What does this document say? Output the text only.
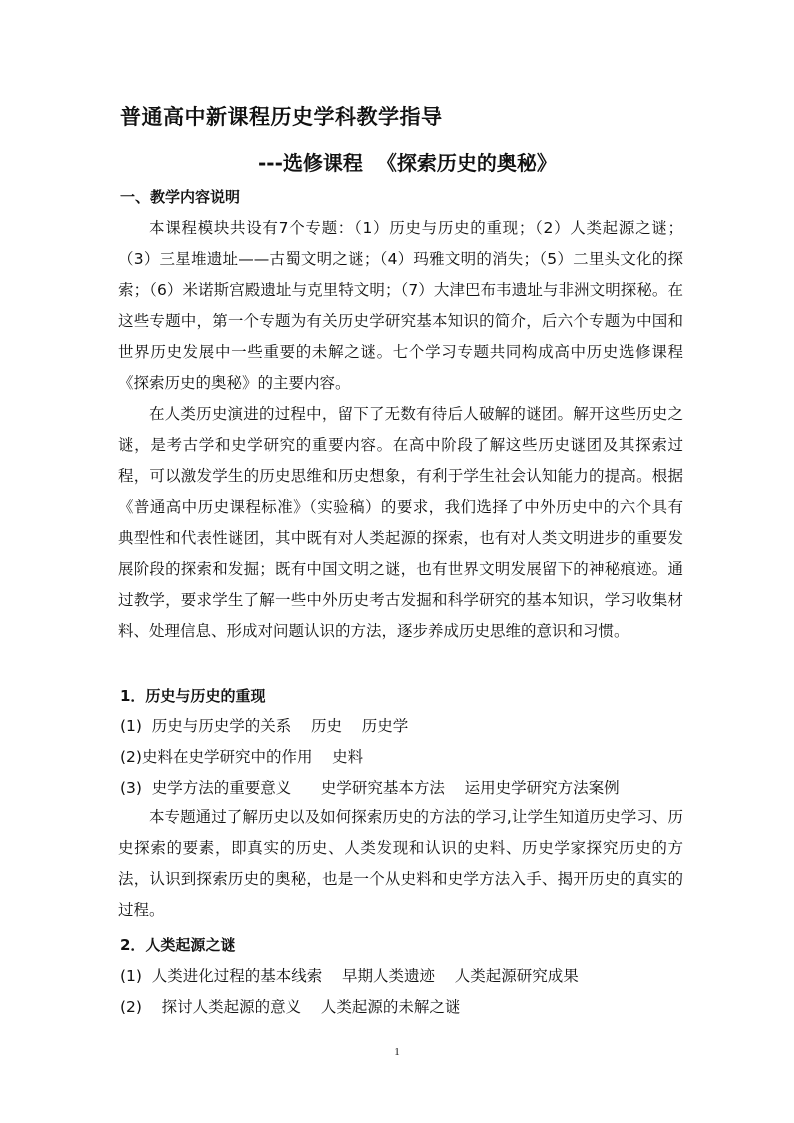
普通高中新课程历史学科教学指导
---选修课程  《探索历史的奥秘》
一、教学内容说明
本课程模块共设有7个专题：（1）历史与历史的重现；（2）人类起源之谜；（3）三星堆遗址——古蜀文明之谜；（4）玛雅文明的消失；（5）二里头文化的探索；（6）米诺斯宫殿遗址与克里特文明；（7）大津巴布韦遗址与非洲文明探秘。在这些专题中，第一个专题为有关历史学研究基本知识的简介，后六个专题为中国和世界历史发展中一些重要的未解之谜。七个学习专题共同构成高中历史选修课程《探索历史的奥秘》的主要内容。
在人类历史演进的过程中，留下了无数有待后人破解的谜团。解开这些历史之谜，是考古学和史学研究的重要内容。在高中阶段了解这些历史谜团及其探索过程，可以激发学生的历史思维和历史想象，有利于学生社会认知能力的提高。根据《普通高中历史课程标准》（实验稿）的要求，我们选择了中外历史中的六个具有典型性和代表性谜团，其中既有对人类起源的探索，也有对人类文明进步的重要发展阶段的探索和发掘；既有中国文明之谜，也有世界文明发展留下的神秘痕迹。通过教学，要求学生了解一些中外历史考古发掘和科学研究的基本知识，学习收集材料、处理信息、形成对问题认识的方法，逐步养成历史思维的意识和习惯。
1．历史与历史的重现
(1)  历史与历史学的关系    历史    历史学
(2)史料在史学研究中的作用    史料
(3)  史学方法的重要意义      史学研究基本方法    运用史学研究方法案例
本专题通过了解历史以及如何探索历史的方法的学习,让学生知道历史学习、历史探索的要素，即真实的历史、人类发现和认识的史料、历史学家探究历史的方法，认识到探索历史的奥秘，也是一个从史料和史学方法入手、揭开历史的真实的过程。
2．人类起源之谜
(1)  人类进化过程的基本线索    早期人类遗迹    人类起源研究成果
(2)    探讨人类起源的意义    人类起源的未解之谜
1
